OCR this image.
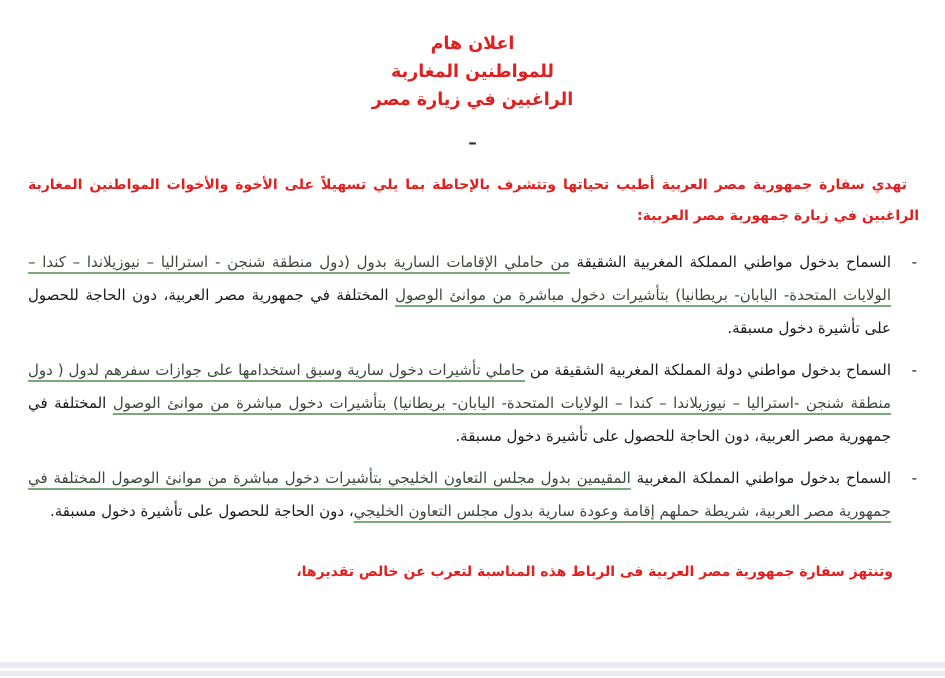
اعلان هام
للمواطنين المغاربة
الراغبين في زيارة مصر
–

تهدي سفارة جمهورية مصر العربية أطيب تحياتها وتتشرف بالإحاطة بما يلي تسهيلاً على الأخوة والأخوات المواطنين المغاربة الراغبين في زيارة جمهورية مصر العربية:

-
السماح بدخول مواطني المملكة المغربية الشقيقة من حاملي الإقامات السارية بدول (دول منطقة شنجن - استراليا – نيوزيلاندا – كندا – الولايات المتحدة- اليابان- بريطانيا) بتأشيرات دخول مباشرة من موانئ الوصول المختلفة في جمهورية مصر العربية، دون الحاجة للحصول على تأشيرة دخول مسبقة.
-
السماح بدخول مواطني دولة المملكة المغربية الشقيقة من حاملي تأشيرات دخول سارية وسبق استخدامها على جوازات سفرهم لدول ( دول منطقة شنجن -استراليا – نيوزيلاندا – كندا – الولايات المتحدة- اليابان- بريطانيا) بتأشيرات دخول مباشرة من موانئ الوصول المختلفة في جمهورية مصر العربية، دون الحاجة للحصول على تأشيرة دخول مسبقة.
-
السماح بدخول مواطني المملكة المغربية المقيمين بدول مجلس التعاون الخليجي بتأشيرات دخول مباشرة من موانئ الوصول المختلفة في جمهورية مصر العربية، شريطة حملهم إقامة وعودة سارية بدول مجلس التعاون الخليجي، دون الحاجة للحصول على تأشيرة دخول مسبقة.

وتنتهز سفارة جمهورية مصر العربية فى الرباط هذه المناسبة لتعرب عن خالص تقديرها،
